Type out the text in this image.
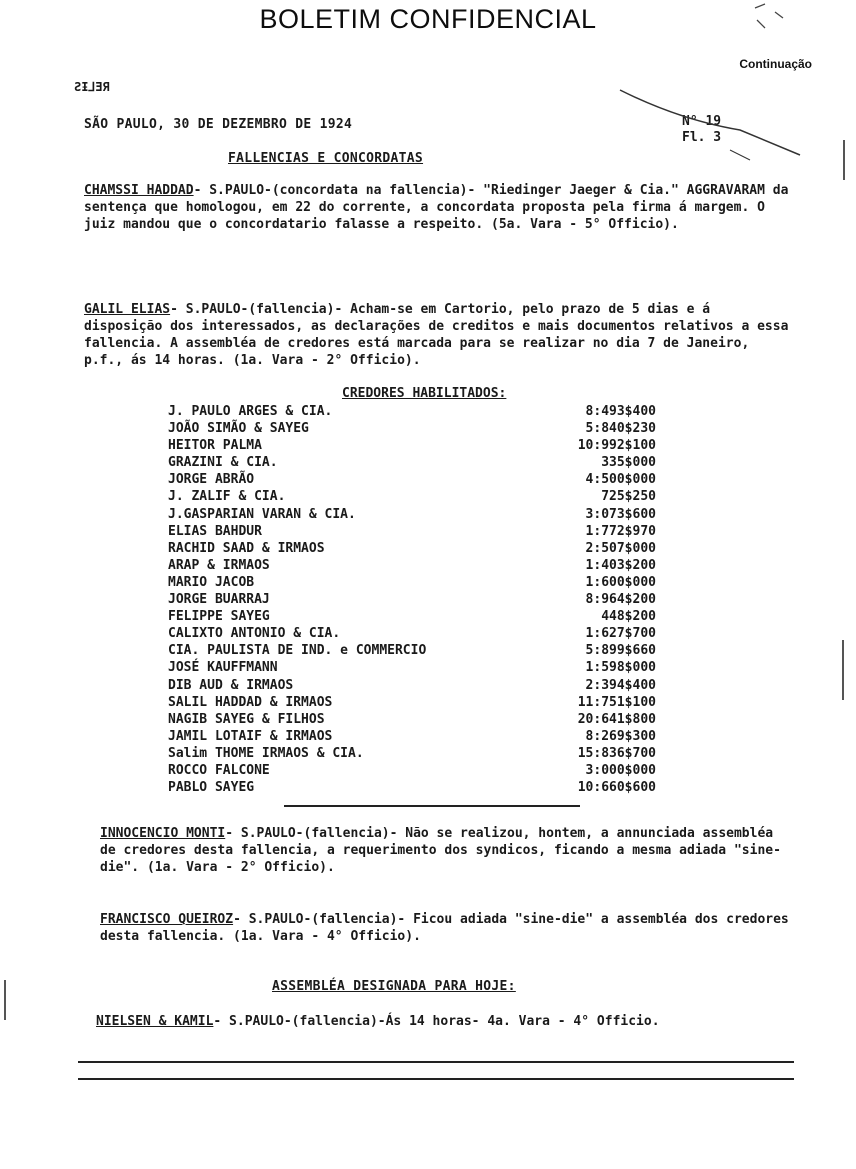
BOLETIM CONFIDENCIAL
Continuação
ƧƗ⅃ƎЯ
SÃO PAULO, 30 DE DEZEMBRO DE 1924	N° 19
Fl. 3
FALLENCIAS E CONCORDATAS
CHAMSSI HADDAD- S.PAULO-(concordata na fallencia)- "Riedinger Jaeger & Cia." AGGRAVARAM da sentença que homologou, em 22 do corrente, a concordata proposta pela firma á margem. O juiz mandou que o concordatario falasse a respeito. (5a. Vara - 5° Officio).
GALIL ELIAS- S.PAULO-(fallencia)- Acham-se em Cartorio, pelo prazo de 5 dias e á disposição dos interessados, as declarações de creditos e mais documentos relativos a essa fallencia. A assembléa de credores está marcada para se realizar no dia 7 de Janeiro, p.f., ás 14 horas. (1a. Vara - 2° Officio).
CREDORES HABILITADOS:
J. PAULO ARGES & CIA.	8:493$400
JOÃO SIMÃO & SAYEG	5:840$230
HEITOR PALMA	10:992$100
GRAZINI & CIA.	335$000
JORGE ABRÃO	4:500$000
J. ZALIF & CIA.	725$250
J.GASPARIAN VARAN & CIA.	3:073$600
ELIAS BAHDUR	1:772$970
RACHID SAAD & IRMAOS	2:507$000
ARAP & IRMAOS	1:403$200
MARIO JACOB	1:600$000
JORGE BUARRAJ	8:964$200
FELIPPE SAYEG	448$200
CALIXTO ANTONIO & CIA.	1:627$700
CIA. PAULISTA DE IND. e COMMERCIO	5:899$660
JOSÉ KAUFFMANN	1:598$000
DIB AUD & IRMAOS	2:394$400
SALIL HADDAD & IRMAOS	11:751$100
NAGIB SAYEG & FILHOS	20:641$800
JAMIL LOTAIF & IRMAOS	8:269$300
Salim THOME IRMAOS & CIA.	15:836$700
ROCCO FALCONE	3:000$000
PABLO SAYEG	10:660$600
INNOCENCIO MONTI- S.PAULO-(fallencia)- Não se realizou, hontem, a annunciada assembléa de credores desta fallencia, a requerimento dos syndicos, ficando a mesma adiada "sine-die". (1a. Vara - 2° Officio).
FRANCISCO QUEIROZ- S.PAULO-(fallencia)- Ficou adiada "sine-die" a assembléa dos credores desta fallencia. (1a. Vara - 4° Officio).
ASSEMBLÉA DESIGNADA PARA HOJE:
NIELSEN & KAMIL- S.PAULO-(fallencia)-Ás 14 horas- 4a. Vara - 4° Officio.
